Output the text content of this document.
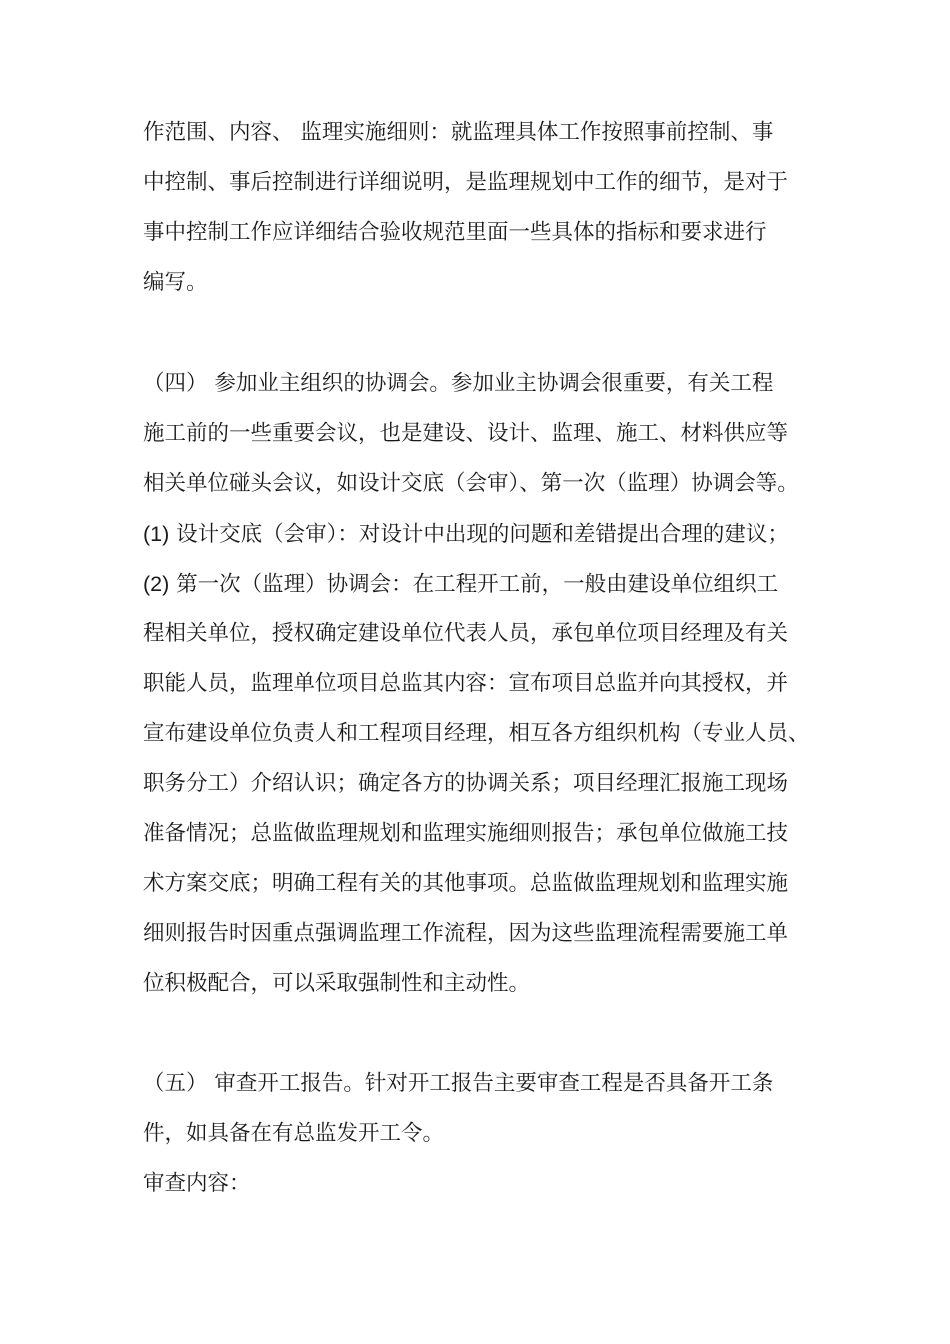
作范围、内容、 监理实施细则：就监理具体工作按照事前控制、事
中控制、事后控制进行详细说明，是监理规划中工作的细节，是对于
事中控制工作应详细结合验收规范里面一些具体的指标和要求进行
编写。
（四） 参加业主组织的协调会。参加业主协调会很重要，有关工程
施工前的一些重要会议，也是建设、设计、监理、施工、材料供应等
相关单位碰头会议，如设计交底（会审）、第一次（监理）协调会等。
(1) 设计交底（会审）：对设计中出现的问题和差错提出合理的建议；
(2) 第一次（监理）协调会：在工程开工前，一般由建设单位组织工
程相关单位，授权确定建设单位代表人员，承包单位项目经理及有关
职能人员，监理单位项目总监其内容：宣布项目总监并向其授权，并
宣布建设单位负责人和工程项目经理，相互各方组织机构（专业人员、
职务分工）介绍认识；确定各方的协调关系；项目经理汇报施工现场
准备情况；总监做监理规划和监理实施细则报告；承包单位做施工技
术方案交底；明确工程有关的其他事项。总监做监理规划和监理实施
细则报告时因重点强调监理工作流程，因为这些监理流程需要施工单
位积极配合，可以采取强制性和主动性。
（五） 审查开工报告。针对开工报告主要审查工程是否具备开工条
件，如具备在有总监发开工令。
审查内容：
